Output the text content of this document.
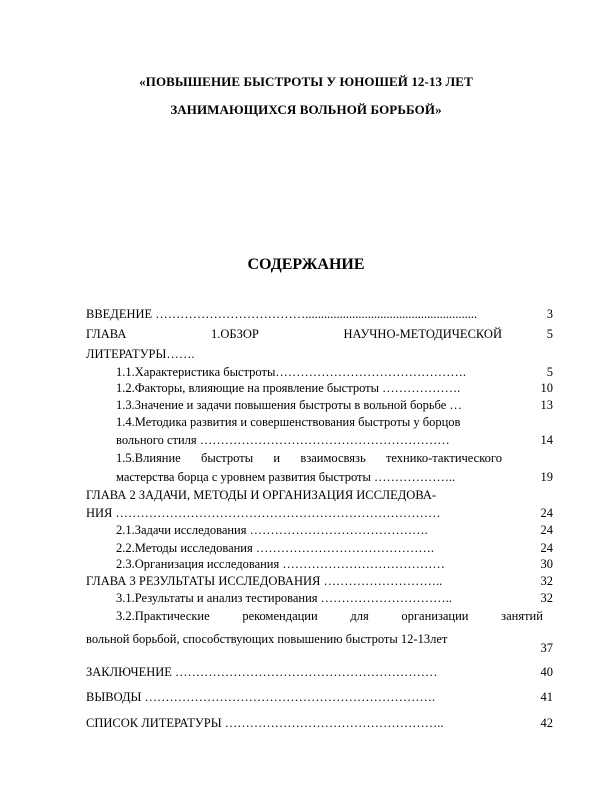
«ПОВЫШЕНИЕ БЫСТРОТЫ У ЮНОШЕЙ 12-13 ЛЕТ
ЗАНИМАЮЩИХСЯ ВОЛЬНОЙ БОРЬБОЙ»
СОДЕРЖАНИЕ
ВВЕДЕНИЕ ……………………………….......................................................	3
ГЛАВА	1.ОБЗОР	НАУЧНО-МЕТОДИЧЕСКОЙ	5
ЛИТЕРАТУРЫ…….
1.1.Характеристика быстроты……………………………………….	5
1.2.Факторы, влияющие на проявление быстроты ……………….	10
1.3.Значение и задачи повышения быстроты в вольной борьбе …	13
1.4.Методика развития и совершенствования быстроты у борцов
вольного стиля ……………………………………………………	14
1.5.Влияние быстроты и взаимосвязь технико-тактического
мастерства борца с уровнем развития быстроты ………………..	19
ГЛАВА 2 ЗАДАЧИ, МЕТОДЫ И ОРГАНИЗАЦИЯ ИССЛЕДОВА-
НИЯ ……………………………………………………………………	24
2.1.Задачи исследования …………………………………….	24
2.2.Методы исследования …………………………………….	24
2.3.Организация исследования …………………………………	30
ГЛАВА 3 РЕЗУЛЬТАТЫ ИССЛЕДОВАНИЯ ………………………..	32
3.1.Результаты и анализ тестирования …………………………..	32
3.2.Практические	рекомендации	для	организации	занятий
вольной борьбой, способствующих повышению быстроты 12-13лет
37
ЗАКЛЮЧЕНИЕ ………………………………………………………	40
ВЫВОДЫ …………………………………………………………….	41
СПИСОК ЛИТЕРАТУРЫ ……………………………………………..	42
